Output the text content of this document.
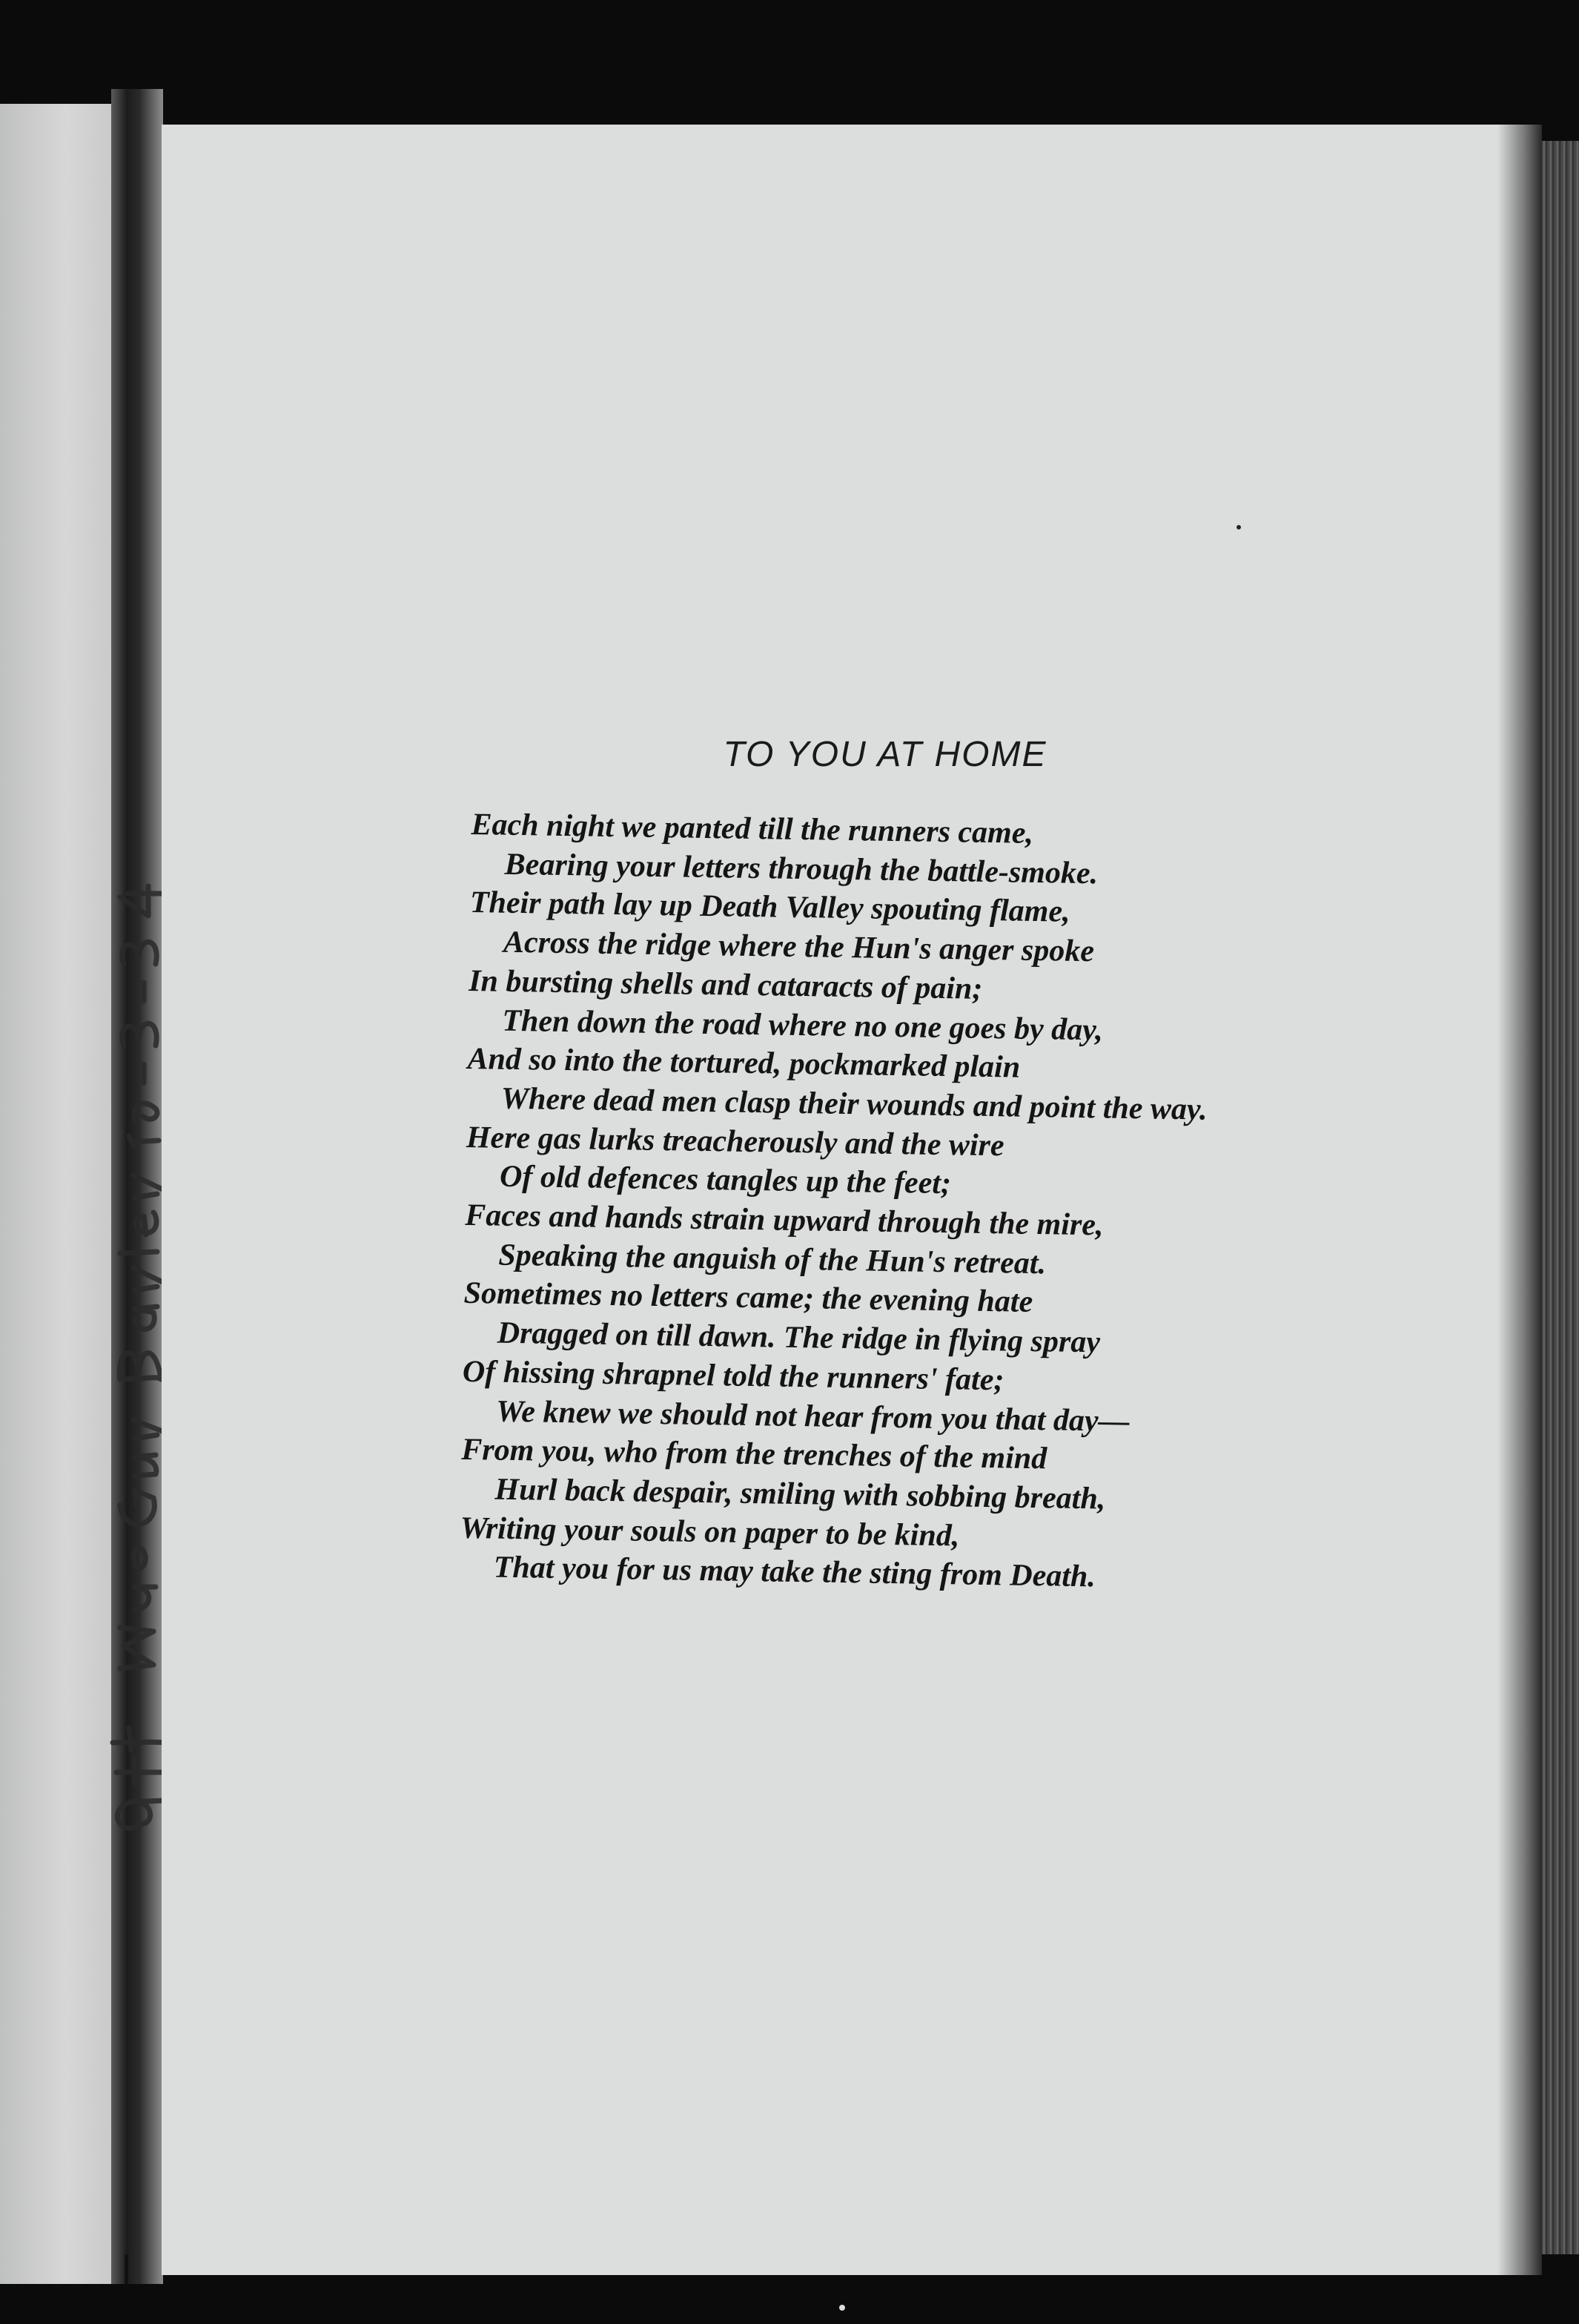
TO YOU AT HOME
Each night we panted till the runners came,
Bearing your letters through the battle-smoke.
Their path lay up Death Valley spouting flame,
Across the ridge where the Hun's anger spoke
In bursting shells and cataracts of pain;
Then down the road where no one goes by day,
And so into the tortured, pockmarked plain
Where dead men clasp their wounds and point the way.
Here gas lurks treacherously and the wire
Of old defences tangles up the feet;
Faces and hands strain upward through the mire,
Speaking the anguish of the Hun's retreat.
Sometimes no letters came; the evening hate
Dragged on till dawn. The ridge in flying spray
Of hissing shrapnel told the runners' fate;
We knew we should not hear from you that day—
From you, who from the trenches of the mind
Hurl back despair, smiling with sobbing breath,
Writing your souls on paper to be kind,
That you for us may take the sting from Death.
